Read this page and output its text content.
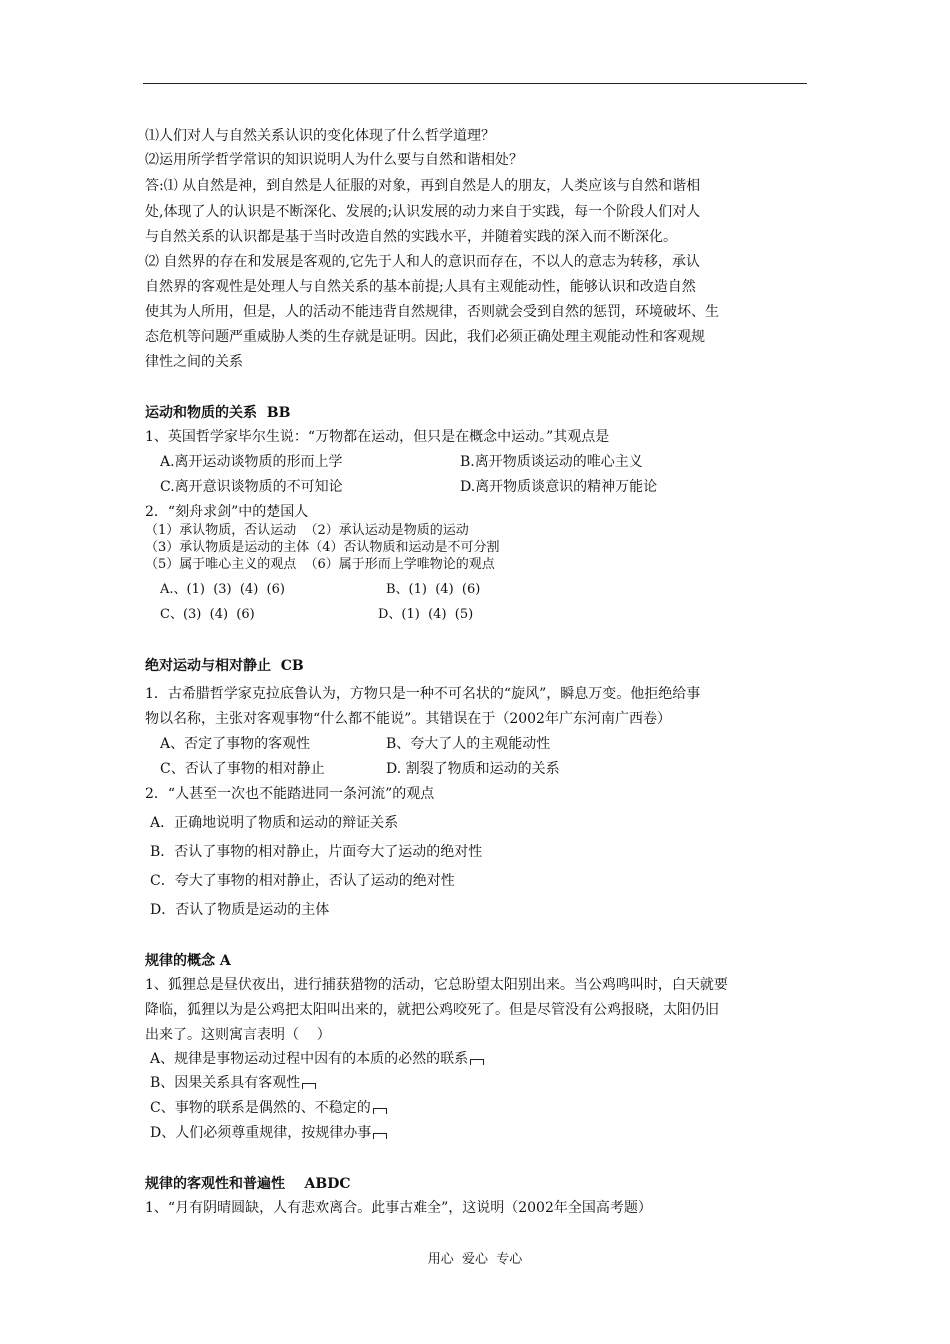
⑴人们对人与自然关系认识的变化体现了什么哲学道理？
⑵运用所学哲学常识的知识说明人为什么要与自然和谐相处？
答:⑴ 从自然是神，到自然是人征服的对象，再到自然是人的朋友，人类应该与自然和谐相
处,体现了人的认识是不断深化、发展的;认识发展的动力来自于实践，每一个阶段人们对人
与自然关系的认识都是基于当时改造自然的实践水平，并随着实践的深入而不断深化。
⑵ 自然界的存在和发展是客观的,它先于人和人的意识而存在，不以人的意志为转移，承认
自然界的客观性是处理人与自然关系的基本前提;人具有主观能动性，能够认识和改造自然
使其为人所用，但是，人的活动不能违背自然规律，否则就会受到自然的惩罚，环境破坏、生
态危机等问题严重威胁人类的生存就是证明。因此，我们必须正确处理主观能动性和客观规
律性之间的关系
运动和物质的关系  BB
1、英国哲学家毕尔生说：“万物都在运动，但只是在概念中运动。”其观点是
A.离开运动谈物质的形而上学	B.离开物质谈运动的唯心主义
C.离开意识谈物质的不可知论	D.离开物质谈意识的精神万能论
2．“刻舟求剑”中的楚国人
（1）承认物质，否认运动  （2）承认运动是物质的运动
（3）承认物质是运动的主体（4）否认物质和运动是不可分割
（5）属于唯心主义的观点  （6）属于形而上学唯物论的观点
A.、(1)  (3)  (4)  (6)	B、(1)  (4)  (6)
C、(3)  (4)  (6)	D、(1)  (4)  (5)
绝对运动与相对静止  CB
1．古希腊哲学家克拉底鲁认为，方物只是一种不可名状的“旋风”，瞬息万变。他拒绝给事
物以名称，主张对客观事物“什么都不能说”。其错误在于（2002年广东河南广西卷）
A、否定了事物的客观性	B、夸大了人的主观能动性
C、否认了事物的相对静止	D. 割裂了物质和运动的关系
2．“人甚至一次也不能踏进同一条河流”的观点
A．正确地说明了物质和运动的辩证关系
B．否认了事物的相对静止，片面夸大了运动的绝对性
C．夸大了事物的相对静止，否认了运动的绝对性
D．否认了物质是运动的主体
规律的概念 A
1、狐狸总是昼伏夜出，进行捕获猎物的活动，它总盼望太阳别出来。当公鸡鸣叫时，白天就要
降临，狐狸以为是公鸡把太阳叫出来的，就把公鸡咬死了。但是尽管没有公鸡报晓，太阳仍旧
出来了。这则寓言表明（    ）
A、规律是事物运动过程中因有的本质的必然的联系
B、因果关系具有客观性
C、事物的联系是偶然的、不稳定的
D、人们必须尊重规律，按规律办事
规律的客观性和普遍性    ABDC
1、“月有阴晴圆缺，人有悲欢离合。此事古难全”，这说明（2002年全国高考题）
用心  爱心  专心
